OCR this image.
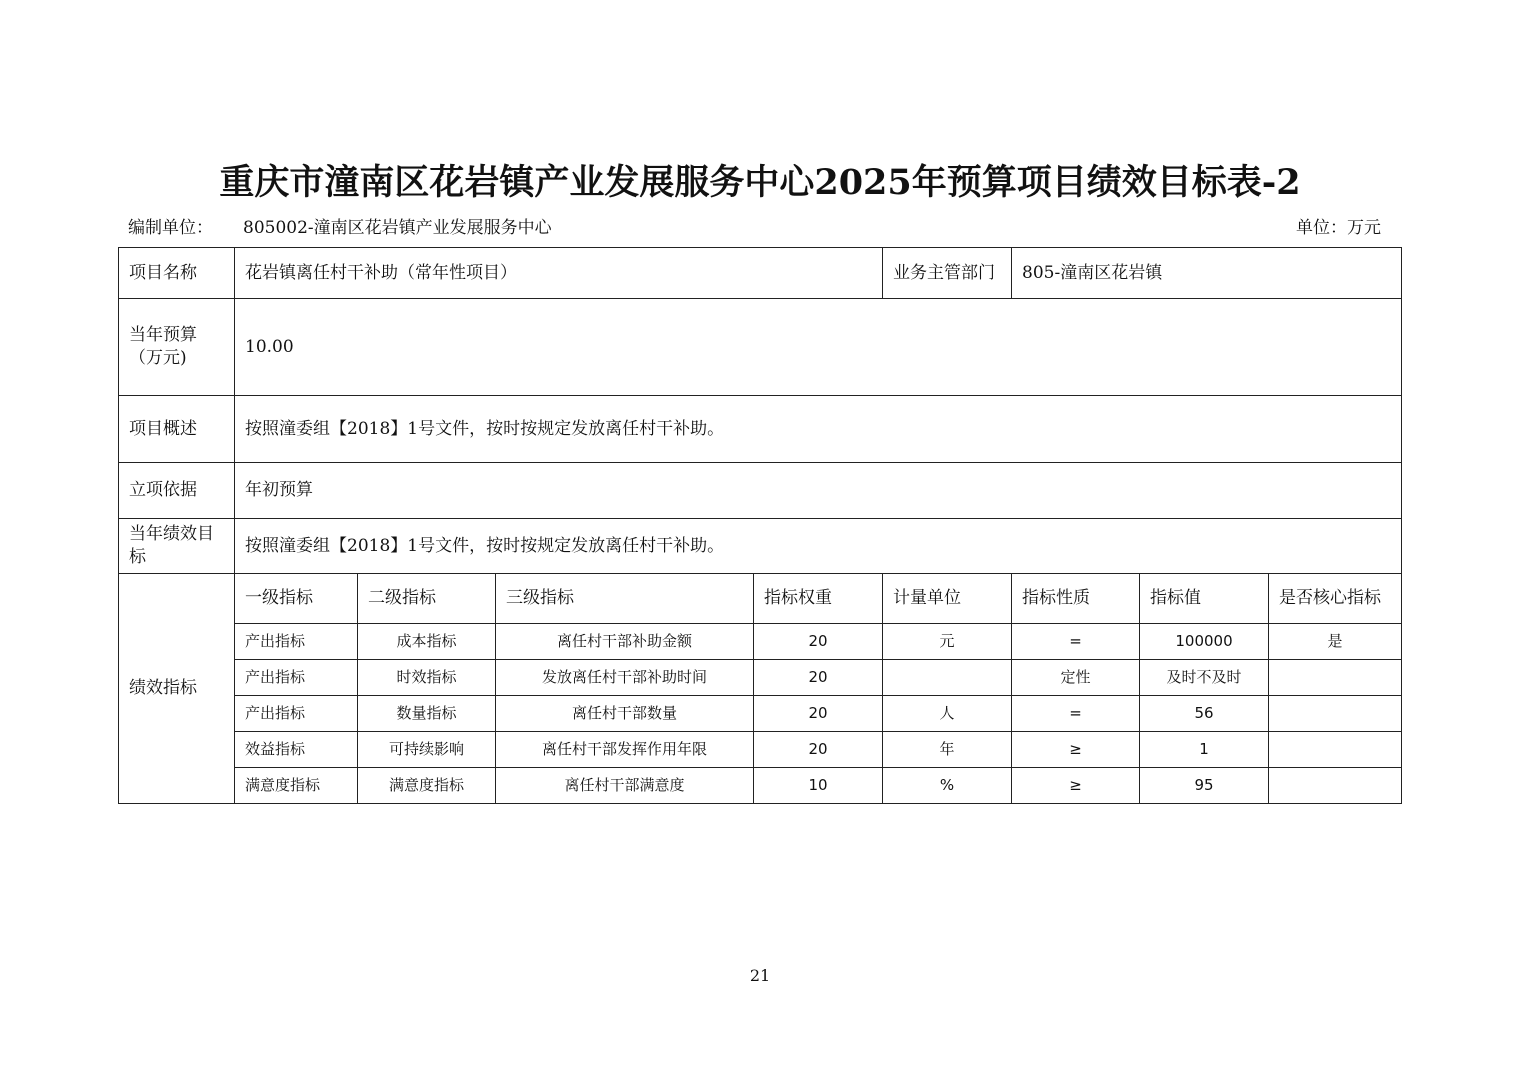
重庆市潼南区花岩镇产业发展服务中心2025年预算项目绩效目标表-2
编制单位： 805002-潼南区花岩镇产业发展服务中心	单位：万元
项目名称	花岩镇离任村干补助（常年性项目）				业务主管部门	805-潼南区花岩镇		
当年预算（万元)	10.00							
项目概述	按照潼委组【2018】1号文件，按时按规定发放离任村干补助。							
立项依据	年初预算							
当年绩效目标	按照潼委组【2018】1号文件，按时按规定发放离任村干补助。							
绩效指标	一级指标	二级指标	三级指标	指标权重	计量单位	指标性质	指标值	是否核心指标
	产出指标	成本指标	离任村干部补助金额	20	元	=	100000	是
	产出指标	时效指标	发放离任村干部补助时间	20		定性	及时不及时	
	产出指标	数量指标	离任村干部数量	20	人	=	56	
	效益指标	可持续影响	离任村干部发挥作用年限	20	年	≥	1	
	满意度指标	满意度指标	离任村干部满意度	10	%	≥	95	
21
